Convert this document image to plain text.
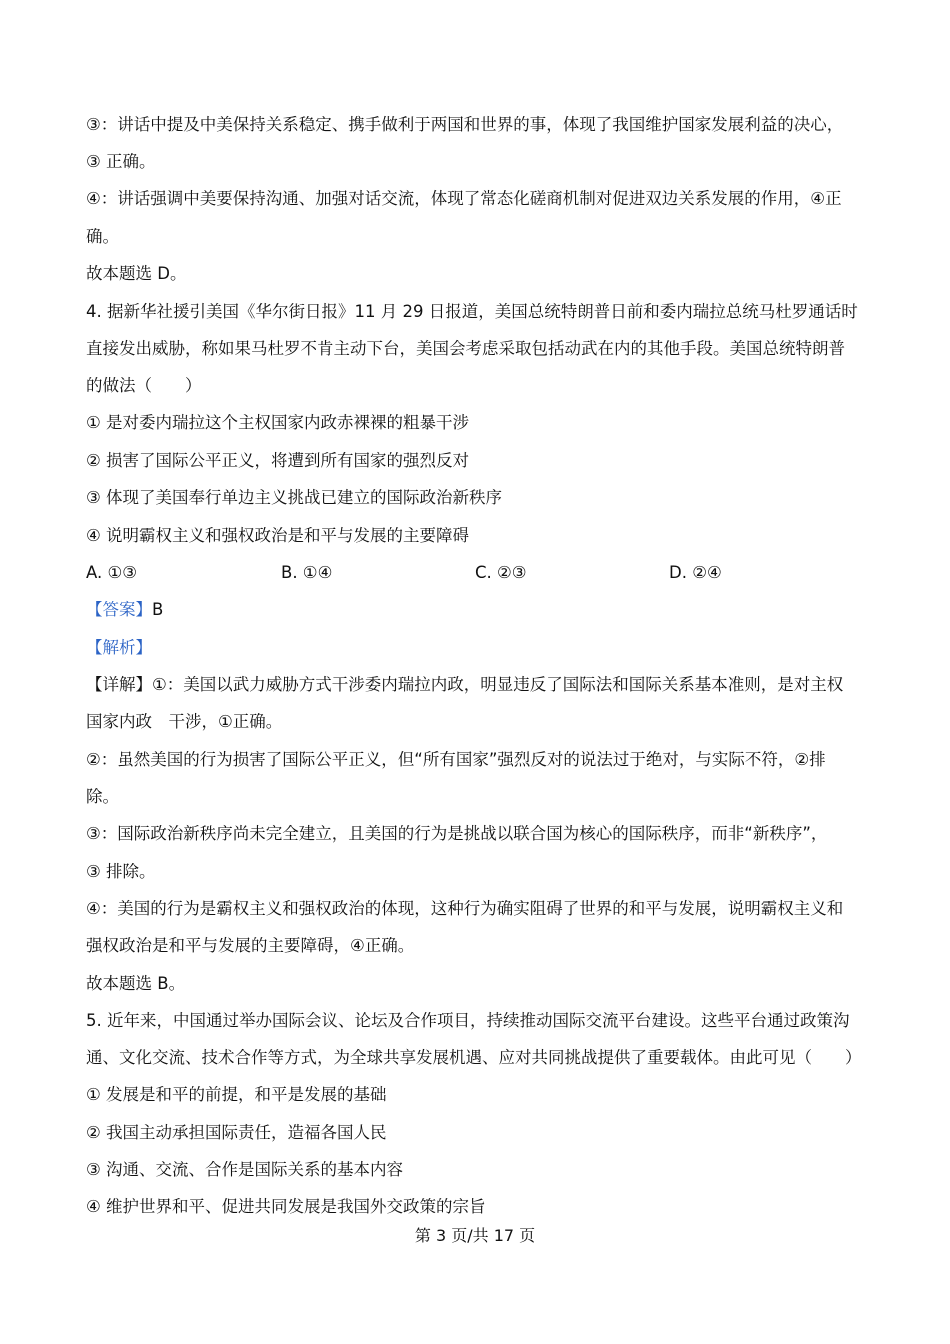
③：讲话中提及中美保持关系稳定、携手做利于两国和世界的事，体现了我国维护国家发展利益的决心，
③ 正确。
④：讲话强调中美要保持沟通、加强对话交流，体现了常态化磋商机制对促进双边关系发展的作用，④正
确。
故本题选 D。
4. 据新华社援引美国《华尔街日报》11 月 29 日报道，美国总统特朗普日前和委内瑞拉总统马杜罗通话时
直接发出威胁，称如果马杜罗不肯主动下台，美国会考虑采取包括动武在内的其他手段。美国总统特朗普
的做法（　　）
① 是对委内瑞拉这个主权国家内政赤裸裸的粗暴干涉
② 损害了国际公平正义，将遭到所有国家的强烈反对
③ 体现了美国奉行单边主义挑战已建立的国际政治新秩序
④ 说明霸权主义和强权政治是和平与发展的主要障碍
A. ①③	B. ①④	C. ②③	D. ②④
【答案】B
【解析】
【详解】①：美国以武力威胁方式干涉委内瑞拉内政，明显违反了国际法和国际关系基本准则，是对主权
国家内政　干涉，①正确。
②：虽然美国的行为损害了国际公平正义，但“所有国家”强烈反对的说法过于绝对，与实际不符，②排
除。
③：国际政治新秩序尚未完全建立，且美国的行为是挑战以联合国为核心的国际秩序，而非“新秩序”，
③ 排除。
④：美国的行为是霸权主义和强权政治的体现，这种行为确实阻碍了世界的和平与发展，说明霸权主义和
强权政治是和平与发展的主要障碍，④正确。
故本题选 B。
5. 近年来，中国通过举办国际会议、论坛及合作项目，持续推动国际交流平台建设。这些平台通过政策沟
通、文化交流、技术合作等方式，为全球共享发展机遇、应对共同挑战提供了重要载体。由此可见（　　）
① 发展是和平的前提，和平是发展的基础
② 我国主动承担国际责任，造福各国人民
③ 沟通、交流、合作是国际关系的基本内容
④ 维护世界和平、促进共同发展是我国外交政策的宗旨
第 3 页/共 17 页
